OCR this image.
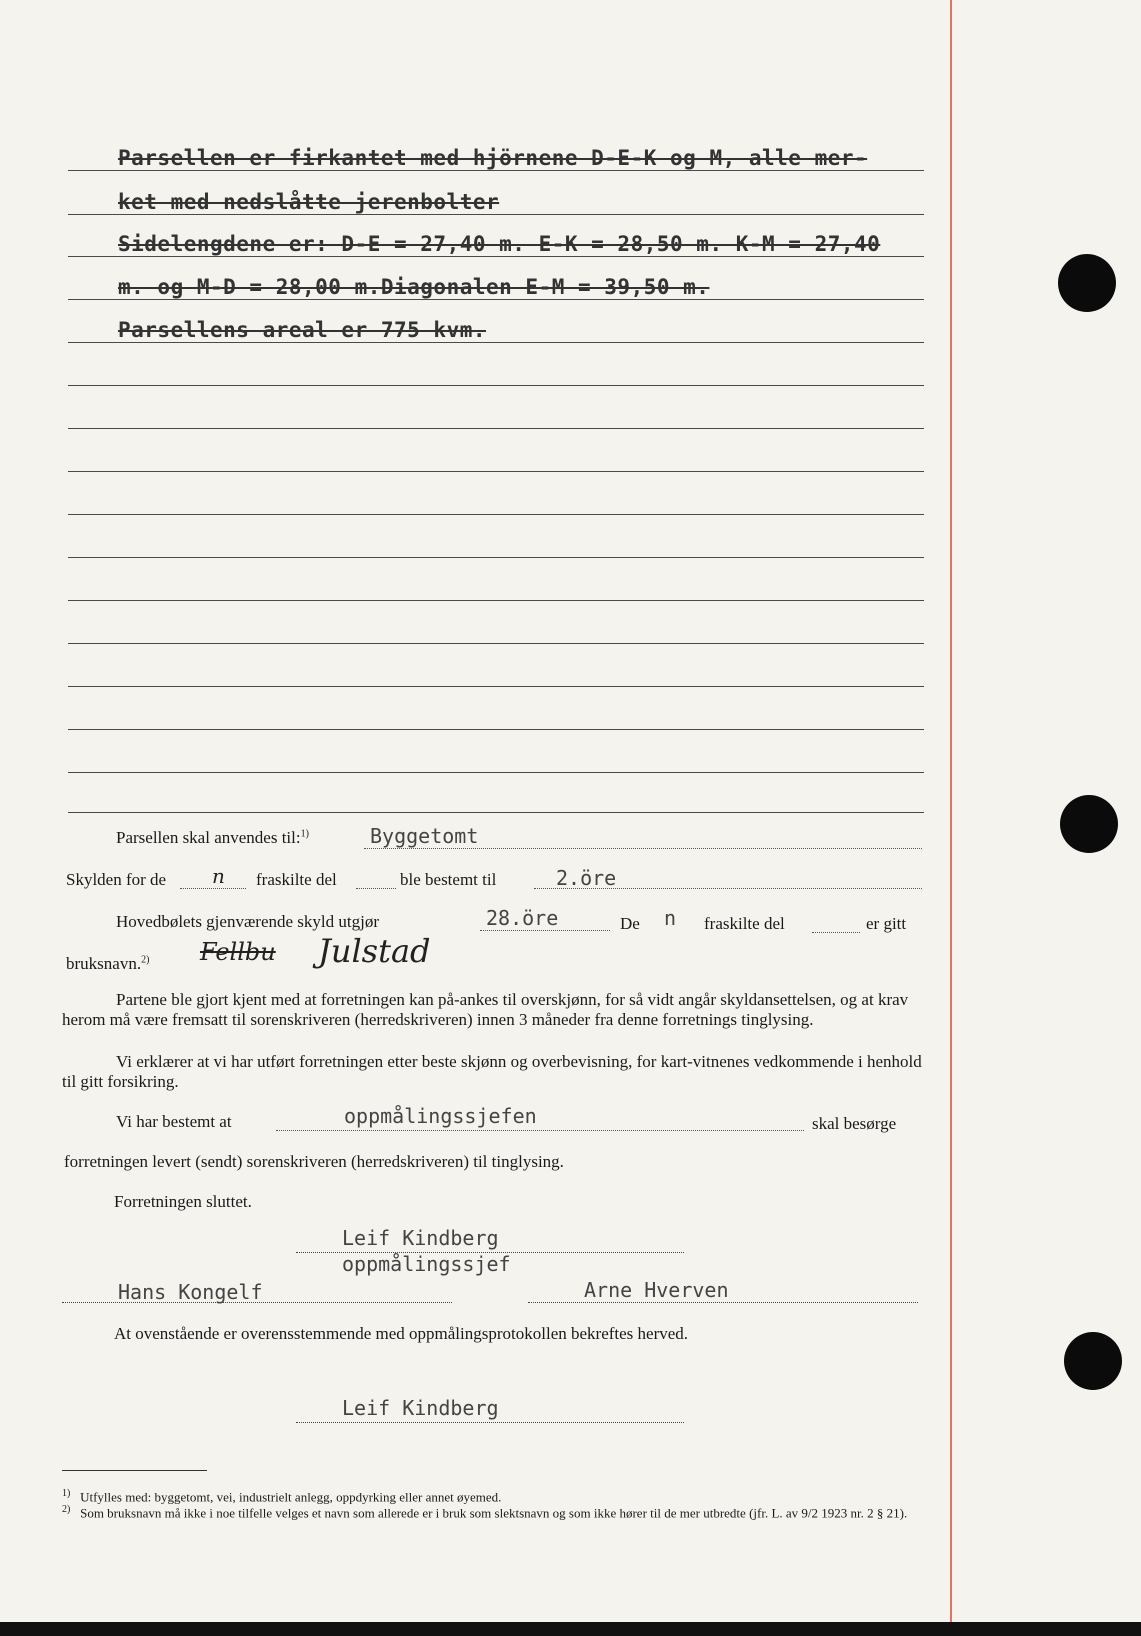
Parsellen er firkantet med hjörnene D-E-K og M, alle mer-
ket med nedslåtte jerenbolter
Sidelengdene er: D-E = 27,40 m. E-K = 28,50 m. K-M = 27,40
m. og M-D = 28,00 m.Diagonalen E-M = 39,50 m.
Parsellens areal er 775 kvm.
Parsellen skal anvendes til:$^{1)}$	Byggetomt
Skylden for de n fraskilte del	ble bestemt til	2.öre
Hovedbølets gjenværende skyld utgjør	28.öre	De n fraskilte del	er gitt
bruksnavn.$^{2)}$ Fellbu Julstad
Partene ble gjort kjent med at forretningen kan på-ankes til overskjønn, for så vidt angår skyldansettelsen, og at krav herom må være fremsatt til sorenskriveren (herredskriveren) innen 3 måneder fra denne forretnings tinglysing.
Vi erklærer at vi har utført forretningen etter beste skjønn og overbevisning, for kart-vitnenes vedkommende i henhold til gitt forsikring.
Vi har bestemt at	oppmålingssjefen	skal besørge
forretningen levert (sendt) sorenskriveren (herredskriveren) til tinglysing.
Forretningen sluttet.
Leif Kindberg
oppmålingssjef
Hans Kongelf	Arne Hverven
At ovenstående er overensstemmende med oppmålingsprotokollen bekreftes herved.
Leif Kindberg
$^{1)}$ Utfylles med: byggetomt, vei, industrielt anlegg, oppdyrking eller annet øyemed.
$^{2)}$ Som bruksnavn må ikke i noe tilfelle velges et navn som allerede er i bruk som slektsnavn og som ikke hører til de mer utbredte (jfr. L. av 9/2 1923 nr. 2 § 21).
